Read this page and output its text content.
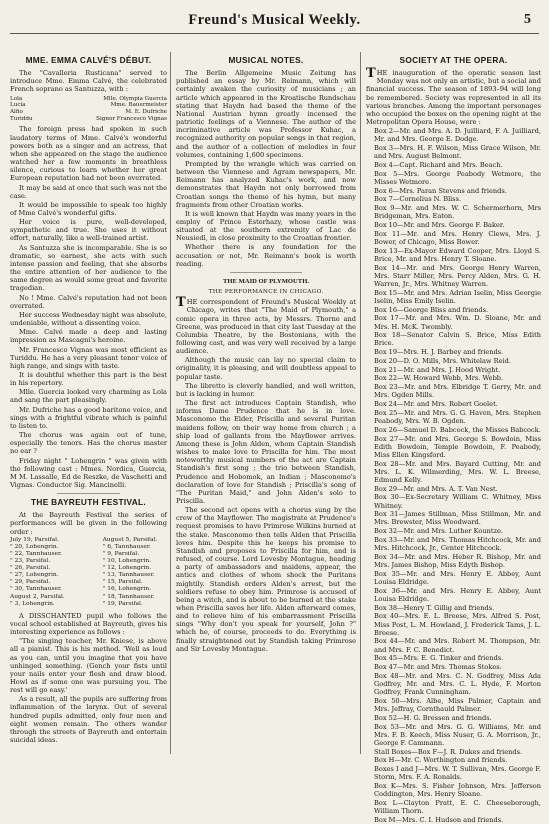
Freund's Musical Weekly.	5
MME. EMMA CALVÉ'S DÉBUT.

The "Cavalleria Rusticana" served to introduce Mme. Emma Calvé, the celebrated French soprano as Santuzza, with :

Lola	Mlle. Olympia Guercia
Lucia	Mme. Bauermeister
Alfio	M. E. Dufriche
Turiddu	Signor Francesco Vignas

The foreign press had spoken in such laudatory terms of Mme. Calvé's wonderful powers both as a singer and an actress, that when she appeared on the stage the audience watched her a few moments in breathless silence, curious to learn whether her great European reputation had not been overrated.

It may be said at once that such was not the case.

It would be impossible to speak too highly of Mme Calvé's wonderful gifts.

Her voice is pure, well-developed, sympathetic and true. She uses it without effort, naturally, like a well-trained artist.

As Santuzza she is incomparable. She is so dramatic, so earnest, she acts with such intense passion and feeling, that she absorbs the entire attention of her audience to the same degree as would some great and favorite tragedian.

No ! Mme. Calvé's reputation had not been overrated.

Her success Wednesday night was absolute, undeniable, without a dissenting voice.

Mme. Calvé made a deep and lasting impression as Mascagni's heroine.

Mr. Francesco Vignas was most efficient as Turiddu. He has a very pleasant tenor voice of high range, and sings with taste.

It is doubtful whether this part is the best in his repertory.

Mlle. Guercia looked very charming as Lola and sang the part pleasingly.

Mr. Dufriche has a good baritone voice, and sings with a frightful vibrate which is painful to listen to.

The chorus was again out of tune, especially the tenors. Has the chorus master no ear ?

Friday night " Lohengrin " was given with the following cast : Mmes. Nordica, Guercia, M M. Lassalle, Ed de Reszke, de Vaschetti and Vignas. Conductor Sig. Mancinelli.

THE BAYREUTH FESTIVAL.

At the Bayreuth Festival the series of performances will be given in the following order :

July 19, Parsifal.	August 5, Parsifal.
" 20, Lohengrin.	" 6, Tannhauser.
" 22, Tannhauser.	" 9, Parsifal.
" 23, Parsifal.	" 10, Lohengrin.
" 26, Parsifal.	" 12, Lohengrin.
" 27, Lohengrin.	" 13, Tannhauser.
" 29, Parsifal.	" 15, Parsifal.
" 30, Tannhauser.	" 16, Lohengrin.
August 2, Parsifal.	" 18, Tannhauser.
" 3, Lohengrin.	" 19, Parsifal.

A DISSCHANTED pupil who follows the vocal school established at Bayreuth, gives his interesting experience as follows :

"The singing teacher, Mr. Kniese, is above all a pianist. This is his method. 'Well as loud as you can, until you imagine that you have unhinged something. (Gench your fists until your nails enter your flesh and draw blood. Howl as if some one was pursuing you. The rest will go easy.'

As a result, all the pupils are suffering from inflammation of the larynx. Out of several hundred pupils admitted, only four men and eight women remain. The others wander through the streets of Bayreuth and entertain suicidal ideas.

MUSICAL NOTES.

The Berlin Allgemeine Music Zeitung has published an essay by Mr. Reimann, which will certainly awaken the curiosity of musicians ; an article which appeared in the Kroatische Rundschau stating that Haydn had based the theme of the National Austrian hymn greatly incensed the patriotic feelings of a Viennese. The author of the incriminative article was Professor Kuhac, a recognized authority on popular songs in that region, and the author of a collection of melodies in four volumes, containing 1,600 specimens.

Prompted by the wrangle which was carried on between the Viennese and Agram newspapers, Mr. Reimann has analyzed Kuhac's work, and now demonstrates that Haydn not only borrowed from Croatian songs the theme of his hymn, but many fragments from other Croatian works.

It is well known that Haydn was many years in the employ of Prince Esterhazy, whose castle was situated at the southern extremity of Lac de Neusiedl, in close proximity to the Croatian frontier.

Whether there is any foundation for the accusation or not, Mr. Reimann's book is worth reading.

THE MAID OF PLYMOUTH.
THE PERFORMANCE IN CHICAGO.

THE correspondent of Freund's Musical Weekly at Chicago, writes that "The Maid of Plymouth," a comic opera in three acts, by Messrs. Thorne and Greene, was produced in that city last Tuesday at the Columbia Theatre, by the Bostonians, with the following cast, and was very well received by a large audience.

Although the music can lay no special claim to originality, it is pleasing, and will doubtless appeal to popular taste.

The libretto is cleverly handled, and well written, but is lacking in humor.

The first act introduces Captain Standish, who informs Dame Prudence that he is in love. Masconomo the Elder, Priscilla and several Puritan maidens follow, on their way home from church ; a ship load of gallants from the Mayflower arrives. Among these is John Alden, whom Captain Standish wishes to make love to Priscilla for him. The most noteworthy musical numbers of the act are Captain Standish's first song ; the trio between Standish, Prudence and Hobomok, an Indian ; Masconomo's declaration of love for Standish ; Priscilla's song of "The Puritan Maid," and John Alden's solo to Priscilla.

The second act opens with a chorus sung by the crew of the Mayflower. The magistrate at Prudence's request promises to have Primrose Wilkins burned at the stake. Masconomo then tells Alden that Priscilla loves him. Despite this he keeps his promise to Standish and proposes to Priscilla for him, and is refused, of course. Lord Lovesby Montague, heading a party of ambassadors and maidens, appear, the antics and clothes of whom shock the Puritans mightily. Standish orders Alden's arrest, but the soldiers refuse to obey him. Primrose is accused of being a witch, and is about to be burned at the stake when Priscilla saves her life. Alden afterward comes, and to relieve him of his embarrassment Priscilla sings "Why don't you speak for yourself, John ?" which he, of course, proceeds to do. Everything is finally straightened out by Standish taking Primrose and Sir Lovesby Montague.

SOCIETY AT THE OPERA.

THE inauguration of the operatic season last Monday was not only an artistic, but a social and financial success. The season of 1893–94 will long be remembered. Society was represented in all its various branches. Among the important personages who occupied the boxes on the opening night at the Metropolitan Opera House, were :

Box 2—Mr. and Mrs. A. D. Juilliard, F. A. Juilliard, Mr. and Mrs. George E. Dodge.

Box 3—Mrs. H. F. Wilson, Miss Grace Wilson, Mr. and Mrs. August Belmont.

Box 4—Capt. Richard and Mrs. Beach.

Box 5—Mrs. George Peabody Wetmore, the Misses Wetmore.

Box 6—Mrs. Paran Stevens and friends.

Box 7—Cornelius N. Bliss.

Box 9—Mr. and Mrs. W. C. Schermerhorn, Mrs Bridgeman, Mrs. Eaton.

Box 10—Mr. and Mrs. George F. Baker.

Box 11—Mr. and Mrs. Henry Clews, Mrs. J. Bower, of Chicago, Miss Bower.

Box 13—Ex-Mayor Edward Cooper, Mrs. Lloyd S. Brice, Mr. and Mrs. Henry T. Sloane.

Box 14—Mr. and Mrs. George Henry Warren, Mrs. Starr Miller, Mrs. Percy Alden, Mrs. G. H. Warren, Jr., Mrs. Whitney Warren.

Box 15—Mr. and Mrs. Adrian Iselin, Miss Georgie Iselin, Miss Emily Iselin.

Box 16—George Bliss and friends.

Box 17—Mr. and Mrs. Wm. D. Sloane, Mr. and Mrs. H. McK. Twombly.

Box 18—Senator Calvin S. Brice, Miss Edith Brice.

Box 19—Mrs. H. J. Barbey and friends.

Box 20—D. O. Mills, Mrs. Whitelaw Reid.

Box 21—Mr. and Mrs. J. Hood Wright.

Box 22—W. Howard Webb, Mrs. Webb.

Box 23—Mr. and Mrs. Elbridge T. Gerry, Mr. and Mrs. Ogden Mills.

Box 24—Mr. and Mrs. Robert Goelet.

Box 25—Mr. and Mrs. G. G. Haven, Mrs. Stephen Peabody, Mrs. W. B. Ogden.

Box 26—Samuel D. Babcock, the Misses Babcock.

Box 27—Mr. and Mrs. George S. Bowdoin, Miss Edith Bowdoin, Temple Bowdoin, F. Peabody, Miss Ellen Kingsford.

Box 28—Mr. and Mrs. Bayard Cutting, Mr. and Mrs. L. K. Wilmerding, Mrs. W. L. Breese, Edmund Kelly.

Box 29—Mr. and Mrs. A. T. Van Nest.

Box 30—Ex-Secretary William C. Whitney, Miss Whitney.

Box 31—James Stillman, Miss Stillman, Mr. and Mrs. Brewster, Miss Woodward.

Box 32—Mr. and Mrs. Luther Kountze.

Box 33—Mr. and Mrs. Thomas Hitchcock, Mr. and Mrs. Hitchcock, Jr., Center Hitchcock.

Box 34—Mr. and Mrs. Heber R. Bishop, Mr. and Mrs. James Bishop, Miss Edyth Bishop.

Box 35—Mr. and Mrs. Henry E. Abbey, Aunt Louisa Eldridge.

Box 36—Mr. and Mrs. Henry E. Abbey, Aunt Louisa Eldridge.

Box 38—Henry T. Gillig and friends.

Box 40—Mrs. E. L. Breese, Mrs. Alfred S. Post, Miss Post, L. M. Howland, J. Frederick Tams, J. L. Breese.

Box 44—Mr. and Mrs. Robert M. Thompson, Mr. and Mrs. F. C. Benedict.

Box 45—Mrs. E. G. Tinker and friends.

Box 47—Mr. and Mrs. Thomas Stokes.

Box 48—Mr. and Mrs. C. N. Godfrey, Miss Ada Godfrey, Mr. and Mrs. C. L. Hyde, F. Morton Godfrey, Frank Cunningham.

Box 50—Mrs. Albe, Miss Palmer, Captain and Mrs. Jeffray, Cornthauld Palmer.

Box 52—H. G. Bressen and friends.

Box 53—Mr. and Mrs. G. G. Williams, Mr. and Mrs. F. B. Keech, Miss Nuser, G. A. Morrison, Jr., George F. Cammann.

Stall Boxes—Box F—J. R. Dukes and friends.

Box H—Mr. C. Worthington and friends.

Boxes I and J—Mrs. W. T. Sullivan, Mrs. George F. Storm, Mrs. F. A. Ronalds.

Box K—Mrs. S. Fisher Johnson, Mrs. Jefferson Coddington, Mrs. Henry Sloane.

Box L—Clayton Pratt, E. C. Cheeseborough, William Thorn.

Box M—Mrs. C. I. Hudson and friends.
